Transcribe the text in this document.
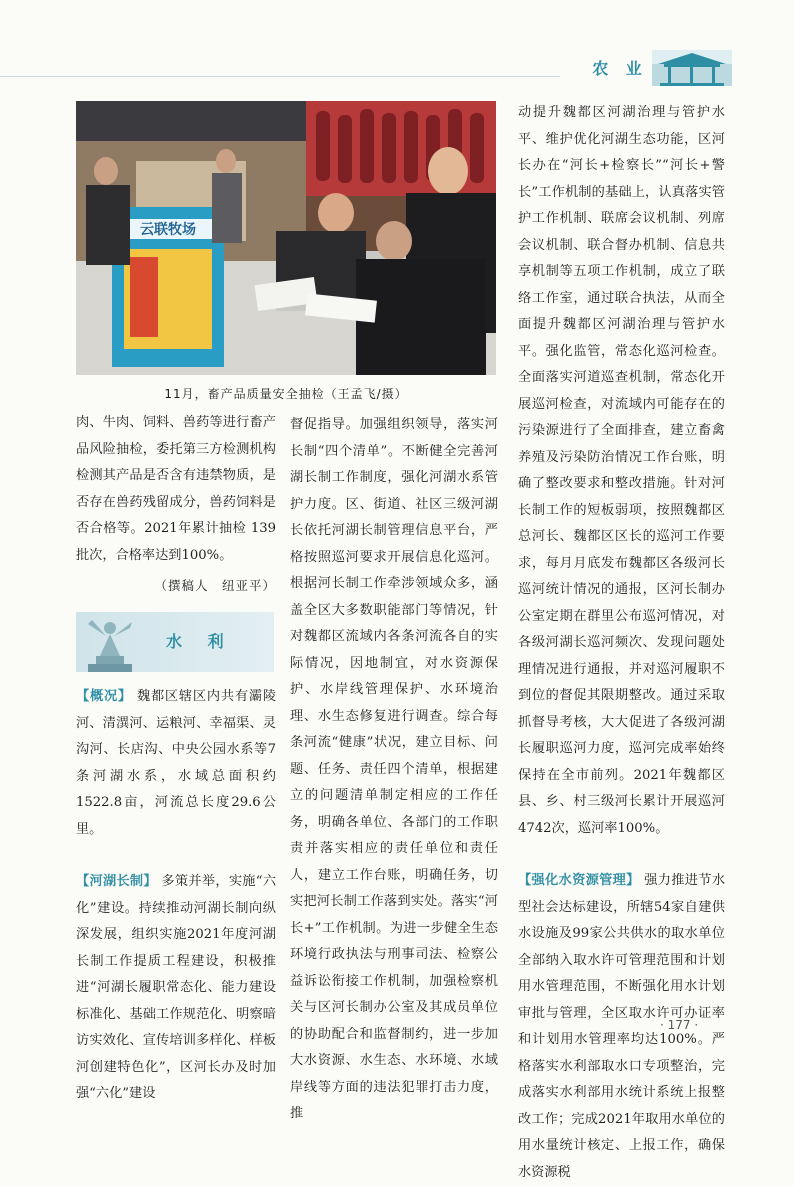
农 业
云联牧场
11月，畜产品质量安全抽检（王孟飞/摄）

肉、牛肉、饲料、兽药等进行畜产品风险抽检，委托第三方检测机构检测其产品是否含有违禁物质，是否存在兽药残留成分，兽药饲料是否合格等。2021年累计抽检 139批次，合格率达到100%。

（撰稿人　纽亚平）

水 利

【概况】 魏都区辖区内共有灞陵河、清潩河、运粮河、幸福渠、灵沟河、长店沟、中央公园水系等7条河湖水系，水域总面积约1522.8亩，河流总长度29.6公里。

【河湖长制】 多策并举，实施“六化”建设。持续推动河湖长制向纵深发展，组织实施2021年度河湖长制工作提质工程建设，积极推进“河湖长履职常态化、能力建设标准化、基础工作规范化、明察暗访实效化、宣传培训多样化、样板河创建特色化”，区河长办及时加强“六化”建设

督促指导。加强组织领导，落实河长制“四个清单”。不断健全完善河湖长制工作制度，强化河湖水系管护力度。区、街道、社区三级河湖长依托河湖长制管理信息平台，严格按照巡河要求开展信息化巡河。根据河长制工作牵涉领域众多，涵盖全区大多数职能部门等情况，针对魏都区流域内各条河流各自的实际情况，因地制宜，对水资源保护、水岸线管理保护、水环境治理、水生态修复进行调查。综合每条河流“健康”状况，建立目标、问题、任务、责任四个清单，根据建立的问题清单制定相应的工作任务，明确各单位、各部门的工作职责并落实相应的责任单位和责任人，建立工作台账，明确任务，切实把河长制工作落到实处。落实“河长+”工作机制。为进一步健全生态环境行政执法与刑事司法、检察公益诉讼衔接工作机制，加强检察机关与区河长制办公室及其成员单位的协助配合和监督制约，进一步加大水资源、水生态、水环境、水域岸线等方面的违法犯罪打击力度，推

动提升魏都区河湖治理与管护水平、维护优化河湖生态功能，区河长办在“河长+检察长”“河长+警长”工作机制的基础上，认真落实管护工作机制、联席会议机制、列席会议机制、联合督办机制、信息共享机制等五项工作机制，成立了联络工作室，通过联合执法，从而全面提升魏都区河湖治理与管护水平。强化监管，常态化巡河检查。全面落实河道巡查机制，常态化开展巡河检查，对流域内可能存在的污染源进行了全面排查，建立畜禽养殖及污染防治情况工作台账，明确了整改要求和整改措施。针对河长制工作的短板弱项，按照魏都区总河长、魏都区区长的巡河工作要求，每月月底发布魏都区各级河长巡河统计情况的通报，区河长制办公室定期在群里公布巡河情况，对各级河湖长巡河频次、发现问题处理情况进行通报，并对巡河履职不到位的督促其限期整改。通过采取抓督导考核，大大促进了各级河湖长履职巡河力度，巡河完成率始终保持在全市前列。2021年魏都区县、乡、村三级河长累计开展巡河4742次，巡河率100%。

【强化水资源管理】 强力推进节水型社会达标建设，所辖54家自建供水设施及99家公共供水的取水单位全部纳入取水许可管理范围和计划用水管理范围，不断强化用水计划审批与管理，全区取水许可办证率和计划用水管理率均达100%。严格落实水利部取水口专项整治，完成落实水利部用水统计系统上报整改工作；完成2021年取用水单位的用水量统计核定、上报工作，确保水资源税

· 177 ·
